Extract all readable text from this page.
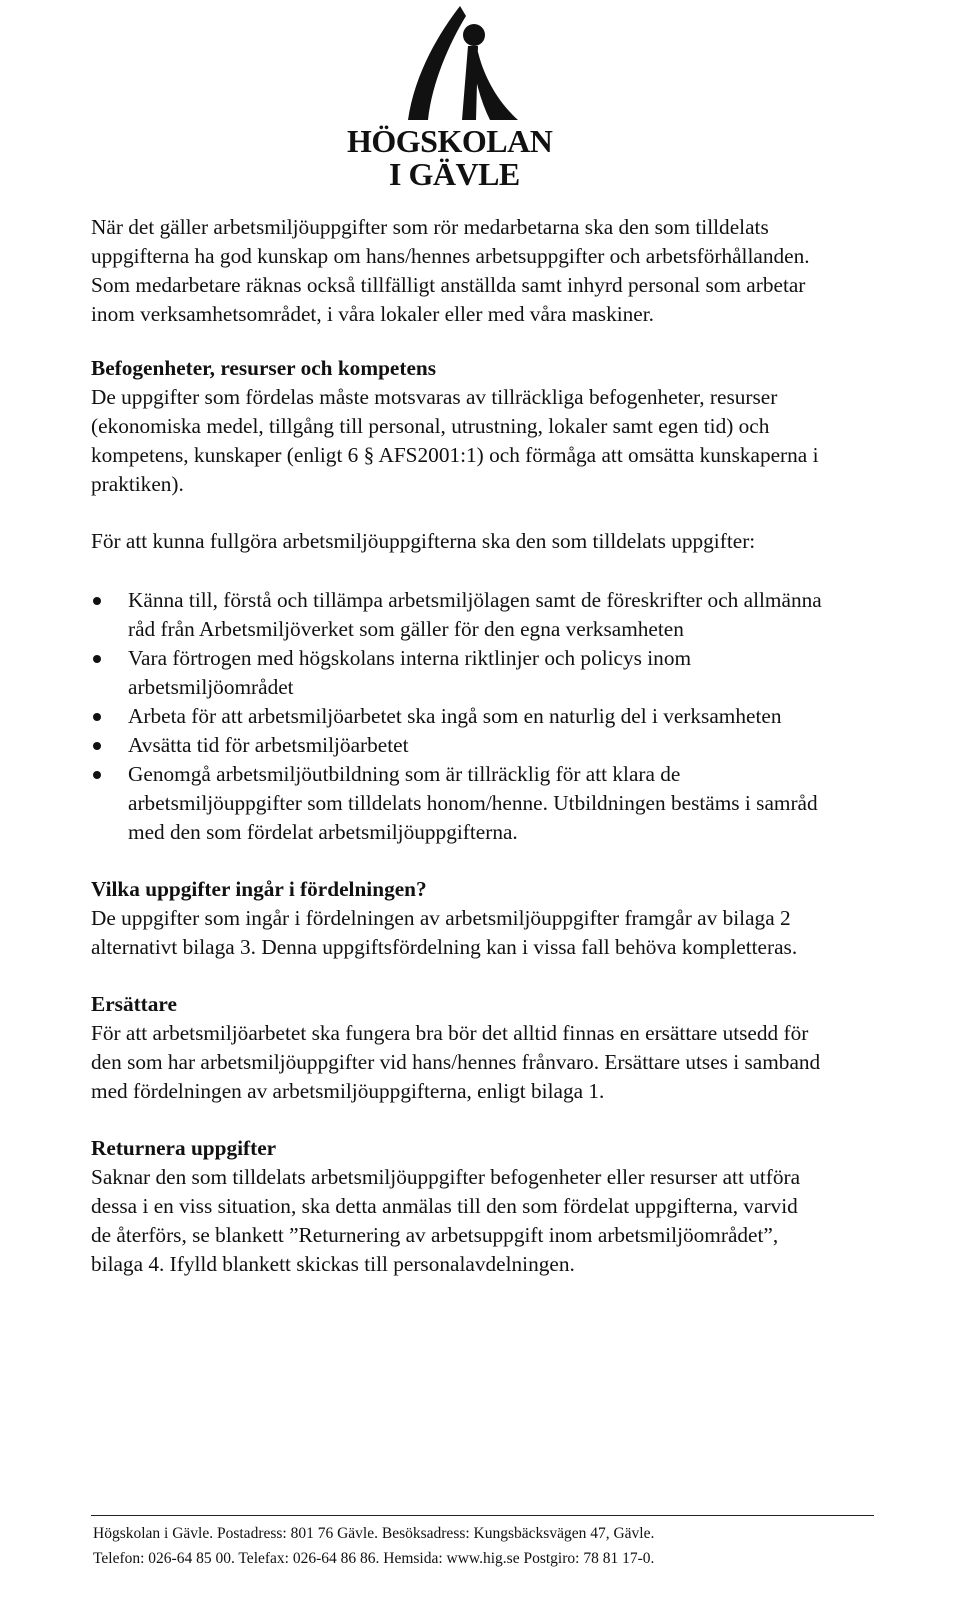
HÖGSKOLAN
I GÄVLE

När det gäller arbetsmiljöuppgifter som rör medarbetarna ska den som tilldelats
uppgifterna ha god kunskap om hans/hennes arbetsuppgifter och arbetsförhållanden.
Som medarbetare räknas också tillfälligt anställda samt inhyrd personal som arbetar
inom verksamhetsområdet, i våra lokaler eller med våra maskiner.

Befogenheter, resurser och kompetens

De uppgifter som fördelas måste motsvaras av tillräckliga befogenheter, resurser
(ekonomiska medel, tillgång till personal, utrustning, lokaler samt egen tid) och
kompetens, kunskaper (enligt 6 § AFS2001:1) och förmåga att omsätta kunskaperna i
praktiken).

För att kunna fullgöra arbetsmiljöuppgifterna ska den som tilldelats uppgifter:

Känna till, förstå och tillämpa arbetsmiljölagen samt de föreskrifter och allmänna
råd från Arbetsmiljöverket som gäller för den egna verksamheten
Vara förtrogen med högskolans interna riktlinjer och policys inom
arbetsmiljöområdet
Arbeta för att arbetsmiljöarbetet ska ingå som en naturlig del i verksamheten
Avsätta tid för arbetsmiljöarbetet
Genomgå arbetsmiljöutbildning som är tillräcklig för att klara de
arbetsmiljöuppgifter som tilldelats honom/henne. Utbildningen bestäms i samråd
med den som fördelat arbetsmiljöuppgifterna.

Vilka uppgifter ingår i fördelningen?

De uppgifter som ingår i fördelningen av arbetsmiljöuppgifter framgår av bilaga 2
alternativt bilaga 3. Denna uppgiftsfördelning kan i vissa fall behöva kompletteras.

Ersättare

För att arbetsmiljöarbetet ska fungera bra bör det alltid finnas en ersättare utsedd för
den som har arbetsmiljöuppgifter vid hans/hennes frånvaro. Ersättare utses i samband
med fördelningen av arbetsmiljöuppgifterna, enligt bilaga 1.

Returnera uppgifter

Saknar den som tilldelats arbetsmiljöuppgifter befogenheter eller resurser att utföra
dessa i en viss situation, ska detta anmälas till den som fördelat uppgifterna, varvid
de återförs, se blankett ”Returnering av arbetsuppgift inom arbetsmiljöområdet”,
bilaga 4. Ifylld blankett skickas till personalavdelningen.

Högskolan i Gävle. Postadress: 801 76 Gävle. Besöksadress: Kungsbäcksvägen 47, Gävle.
Telefon: 026-64 85 00. Telefax: 026-64 86 86. Hemsida: www.hig.se Postgiro: 78 81 17-0.
